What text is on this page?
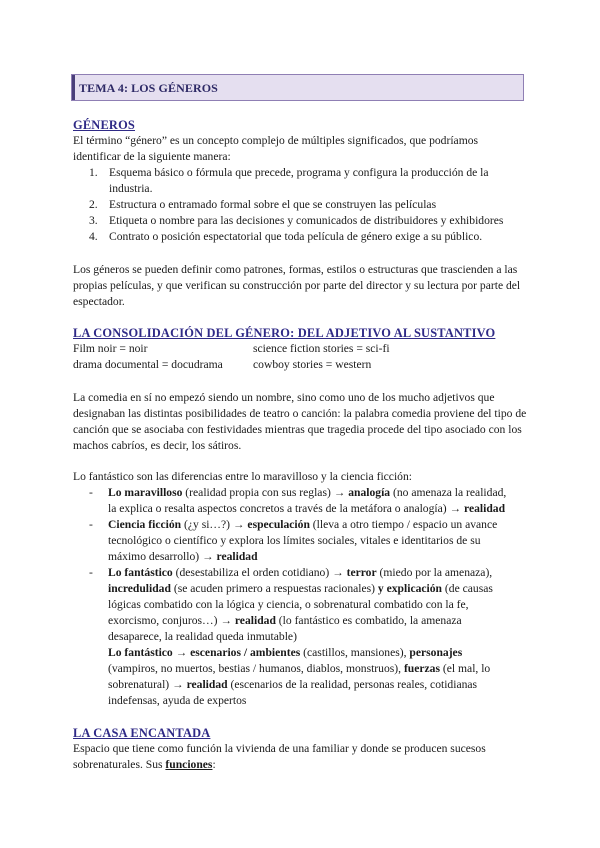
TEMA 4: LOS GÉNEROS
GÉNEROS
El término “género” es un concepto complejo de múltiples significados, que podríamos identificar de la siguiente manera:
1. Esquema básico o fórmula que precede, programa y configura la producción de la industria.
2. Estructura o entramado formal sobre el que se construyen las películas
3. Etiqueta o nombre para las decisiones y comunicados de distribuidores y exhibidores
4. Contrato o posición espectatorial que toda película de género exige a su público.
Los géneros se pueden definir como patrones, formas, estilos o estructuras que trascienden a las propias películas, y que verifican su construcción por parte del director y su lectura por parte del espectador.
LA CONSOLIDACIÓN DEL GÉNERO: DEL ADJETIVO AL SUSTANTIVO
Film noir = noir	science fiction stories = sci-fi
drama documental = docudrama	cowboy stories = western
La comedia en sí no empezó siendo un nombre, sino como uno de los mucho adjetivos que designaban las distintas posibilidades de teatro o canción: la palabra comedia proviene del tipo de canción que se asociaba con festividades mientras que tragedia procede del tipo asociado con los machos cabríos, es decir, los sátiros.
Lo fantástico son las diferencias entre lo maravilloso y la ciencia ficción:
- Lo maravilloso (realidad propia con sus reglas) → analogía (no amenaza la realidad,
la explica o resalta aspectos concretos a través de la metáfora o analogía) → realidad
- Ciencia ficción (¿y si…?) → especulación (lleva a otro tiempo / espacio un avance
tecnológico o científico y explora los límites sociales, vitales e identitarios de su
máximo desarrollo) → realidad
- Lo fantástico (desestabiliza el orden cotidiano) → terror (miedo por la amenaza),
incredulidad (se acuden primero a respuestas racionales) y explicación (de causas
lógicas combatido con la lógica y ciencia, o sobrenatural combatido con la fe,
exorcismo, conjuros…) → realidad (lo fantástico es combatido, la amenaza
desaparece, la realidad queda inmutable)
Lo fantástico → escenarios / ambientes (castillos, mansiones), personajes
(vampiros, no muertos, bestias / humanos, diablos, monstruos), fuerzas (el mal, lo
sobrenatural) → realidad (escenarios de la realidad, personas reales, cotidianas
indefensas, ayuda de expertos
LA CASA ENCANTADA
Espacio que tiene como función la vivienda de una familiar y donde se producen sucesos
sobrenaturales. Sus funciones:
